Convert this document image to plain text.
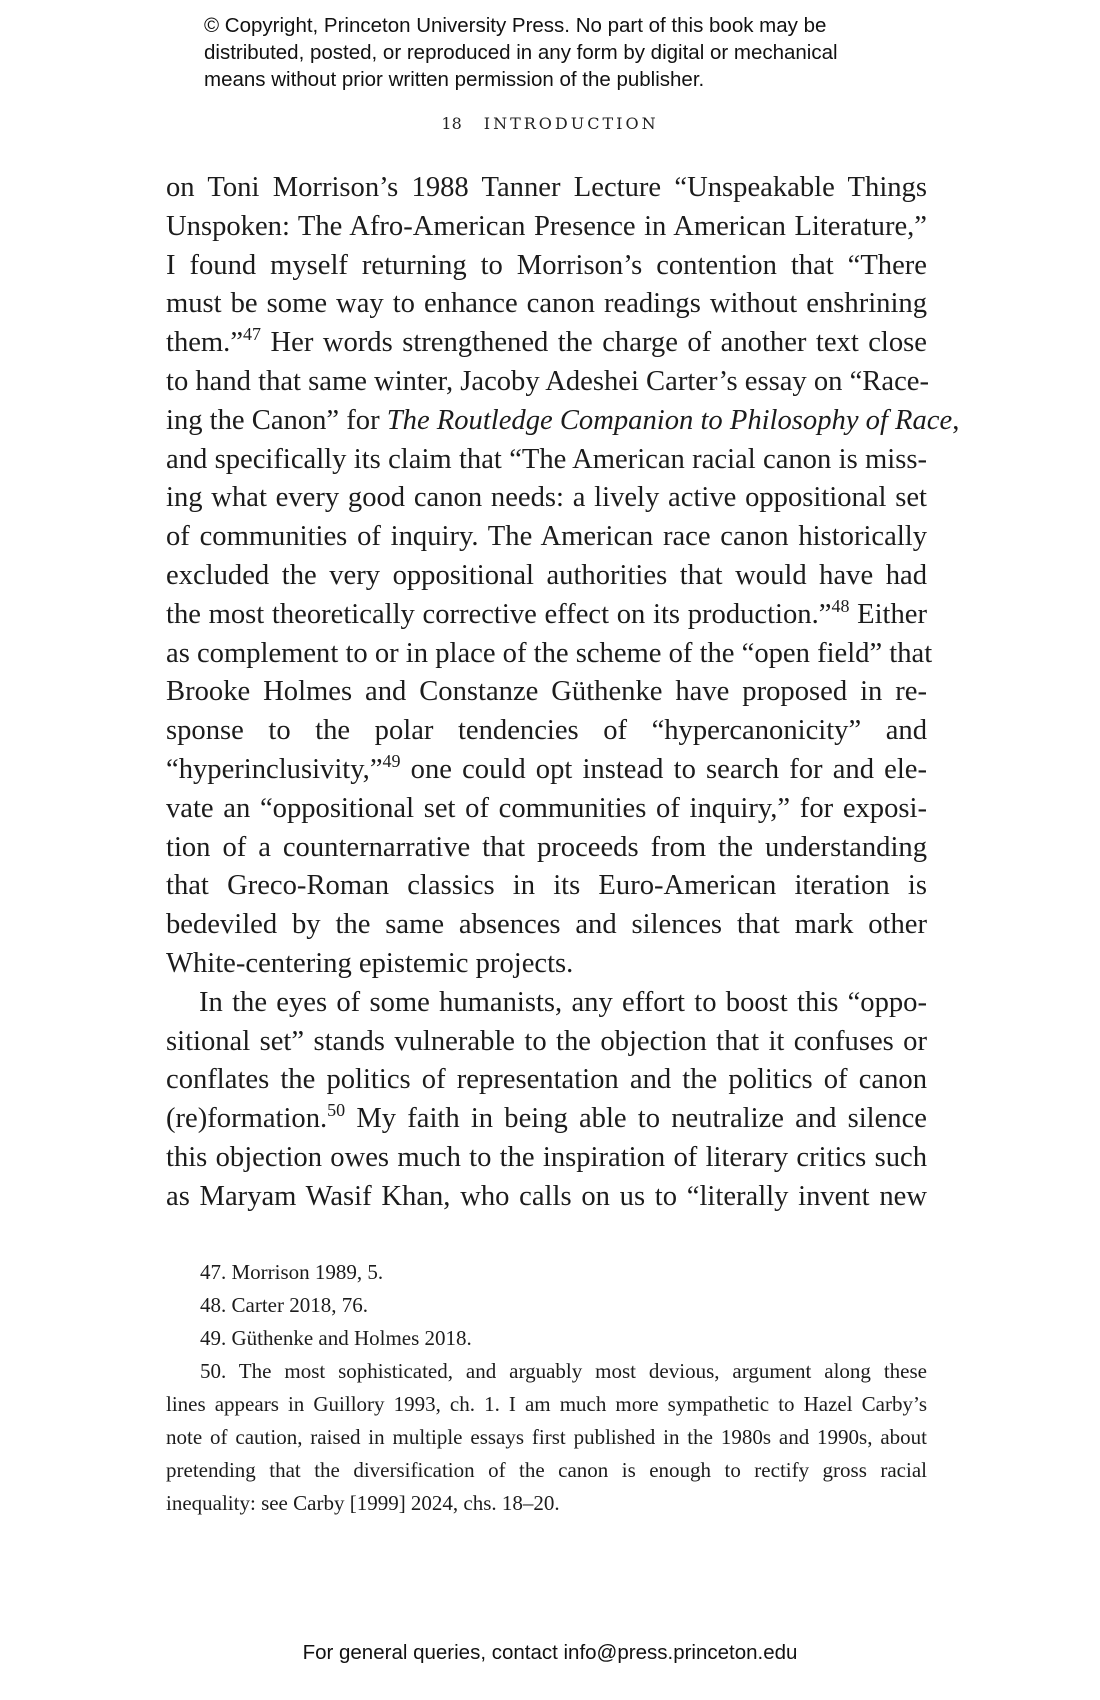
© Copyright, Princeton University Press. No part of this book may be
distributed, posted, or reproduced in any form by digital or mechanical
means without prior written permission of the publisher.
18 INTRODUCTION
on Toni Morrison’s 1988 Tanner Lecture “Unspeakable Things
Unspoken: The Afro-American Presence in American Literature,”
I found myself returning to Morrison’s contention that “There
must be some way to enhance canon readings without enshrining
them.”$^{47}$ Her words strengthened the charge of another text close
to hand that same winter, Jacoby Adeshei Carter’s essay on “Race-
ing the Canon” for The Routledge Companion to Philosophy of Race,
and specifically its claim that “The American racial canon is miss-
ing what every good canon needs: a lively active oppositional set
of communities of inquiry. The American race canon historically
excluded the very oppositional authorities that would have had
the most theoretically corrective effect on its production.”$^{48}$ Either
as complement to or in place of the scheme of the “open field” that
Brooke Holmes and Constanze Güthenke have proposed in re-
sponse to the polar tendencies of “hypercanonicity” and
“hyperinclusivity,”$^{49}$ one could opt instead to search for and ele-
vate an “oppositional set of communities of inquiry,” for exposi-
tion of a counternarrative that proceeds from the understanding
that Greco-Roman classics in its Euro-American iteration is
bedeviled by the same absences and silences that mark other
White-centering epistemic projects.
In the eyes of some humanists, any effort to boost this “oppo-
sitional set” stands vulnerable to the objection that it confuses or
conflates the politics of representation and the politics of canon
(re)formation.$^{50}$ My faith in being able to neutralize and silence
this objection owes much to the inspiration of literary critics such
as Maryam Wasif Khan, who calls on us to “literally invent new
47. Morrison 1989, 5.
48. Carter 2018, 76.
49. Güthenke and Holmes 2018.
50. The most sophisticated, and arguably most devious, argument along these
lines appears in Guillory 1993, ch. 1. I am much more sympathetic to Hazel Carby’s
note of caution, raised in multiple essays first published in the 1980s and 1990s, about
pretending that the diversification of the canon is enough to rectify gross racial
inequality: see Carby [1999] 2024, chs. 18–20.
For general queries, contact info@press.princeton.edu
